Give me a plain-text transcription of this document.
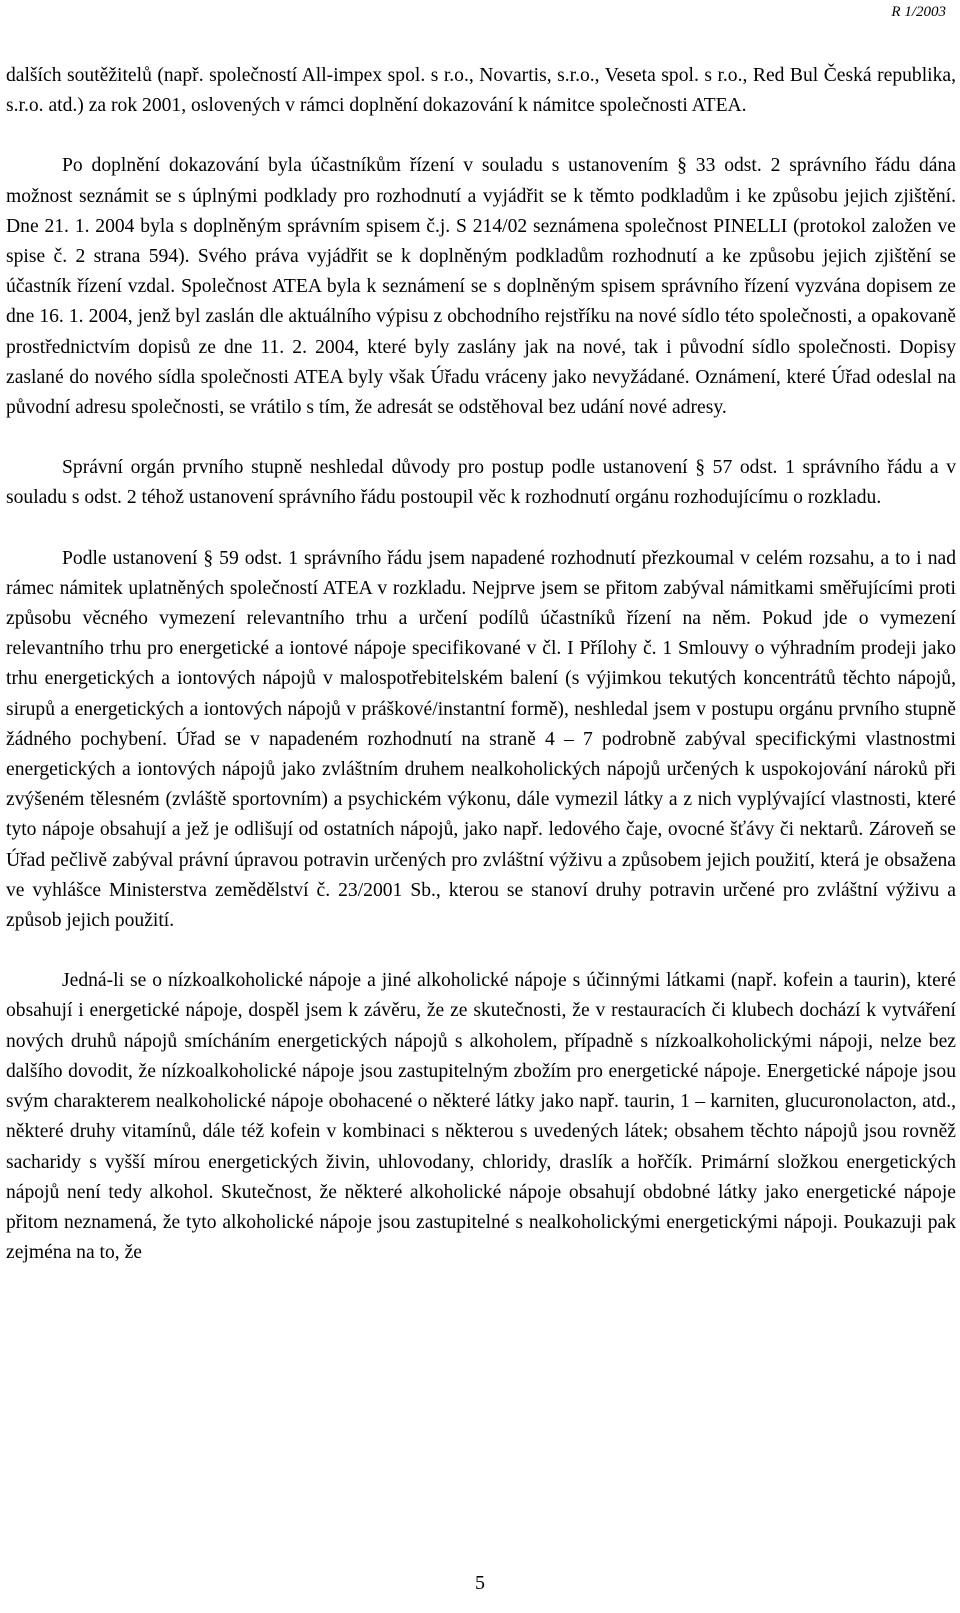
R 1/2003

dalších soutěžitelů (např. společností All-impex spol. s r.o., Novartis, s.r.o., Veseta spol. s r.o., Red Bul Česká republika, s.r.o. atd.) za rok 2001, oslovených v rámci doplnění dokazování k námitce společnosti ATEA.

Po doplnění dokazování byla účastníkům řízení v souladu s ustanovením § 33 odst. 2 správního řádu dána možnost seznámit se s úplnými podklady pro rozhodnutí a vyjádřit se k těmto podkladům i ke způsobu jejich zjištění. Dne 21. 1. 2004 byla s doplněným správním spisem č.j. S 214/02 seznámena společnost PINELLI (protokol založen ve spise č. 2 strana 594). Svého práva vyjádřit se k doplněným podkladům rozhodnutí a ke způsobu jejich zjištění se účastník řízení vzdal. Společnost ATEA byla k seznámení se s doplněným spisem správního řízení vyzvána dopisem ze dne 16. 1. 2004, jenž byl zaslán dle aktuálního výpisu z obchodního rejstříku na nové sídlo této společnosti, a opakovaně prostřednictvím dopisů ze dne 11. 2. 2004, které byly zaslány jak na nové, tak i původní sídlo společnosti. Dopisy zaslané do nového sídla společnosti ATEA byly však Úřadu vráceny jako nevyžádané. Oznámení, které Úřad odeslal na původní adresu společnosti, se vrátilo s tím, že adresát se odstěhoval bez udání nové adresy.

Správní orgán prvního stupně neshledal důvody pro postup podle ustanovení § 57 odst. 1 správního řádu a v souladu s odst. 2 téhož ustanovení správního řádu postoupil věc k rozhodnutí orgánu rozhodujícímu o rozkladu.

Podle ustanovení § 59 odst. 1 správního řádu jsem napadené rozhodnutí přezkoumal v celém rozsahu, a to i nad rámec námitek uplatněných společností ATEA v rozkladu. Nejprve jsem se přitom zabýval námitkami směřujícími proti způsobu věcného vymezení relevantního trhu a určení podílů účastníků řízení na něm. Pokud jde o vymezení relevantního trhu pro energetické a iontové nápoje specifikované v čl. I Přílohy č. 1 Smlouvy o výhradním prodeji jako trhu energetických a iontových nápojů v malospotřebitelském balení (s výjimkou tekutých koncentrátů těchto nápojů, sirupů a energetických a iontových nápojů v práškové/instantní formě), neshledal jsem v postupu orgánu prvního stupně žádného pochybení. Úřad se v napadeném rozhodnutí na straně 4 – 7 podrobně zabýval specifickými vlastnostmi energetických a iontových nápojů jako zvláštním druhem nealkoholických nápojů určených k uspokojování nároků při zvýšeném tělesném (zvláště sportovním) a psychickém výkonu, dále vymezil látky a z nich vyplývající vlastnosti, které tyto nápoje obsahují a jež je odlišují od ostatních nápojů, jako např. ledového čaje, ovocné šťávy či nektarů. Zároveň se Úřad pečlivě zabýval právní úpravou potravin určených pro zvláštní výživu a způsobem jejich použití, která je obsažena ve vyhlášce Ministerstva zemědělství č. 23/2001 Sb., kterou se stanoví druhy potravin určené pro zvláštní výživu a způsob jejich použití.

Jedná-li se o nízkoalkoholické nápoje a jiné alkoholické nápoje s účinnými látkami (např. kofein a taurin), které obsahují i energetické nápoje, dospěl jsem k závěru, že ze skutečnosti, že v restauracích či klubech dochází k vytváření nových druhů nápojů smícháním energetických nápojů s alkoholem, případně s nízkoalkoholickými nápoji, nelze bez dalšího dovodit, že nízkoalkoholické nápoje jsou zastupitelným zbožím pro energetické nápoje. Energetické nápoje jsou svým charakterem nealkoholické nápoje obohacené o některé látky jako např. taurin, 1 – karniten, glucuronolacton, atd., některé druhy vitamínů, dále též kofein v kombinaci s některou s uvedených látek; obsahem těchto nápojů jsou rovněž sacharidy s vyšší mírou energetických živin, uhlovodany, chloridy, draslík a hořčík. Primární složkou energetických nápojů není tedy alkohol. Skutečnost, že některé alkoholické nápoje obsahují obdobné látky jako energetické nápoje přitom neznamená, že tyto alkoholické nápoje jsou zastupitelné s nealkoholickými energetickými nápoji. Poukazuji pak zejména na to, že

5
